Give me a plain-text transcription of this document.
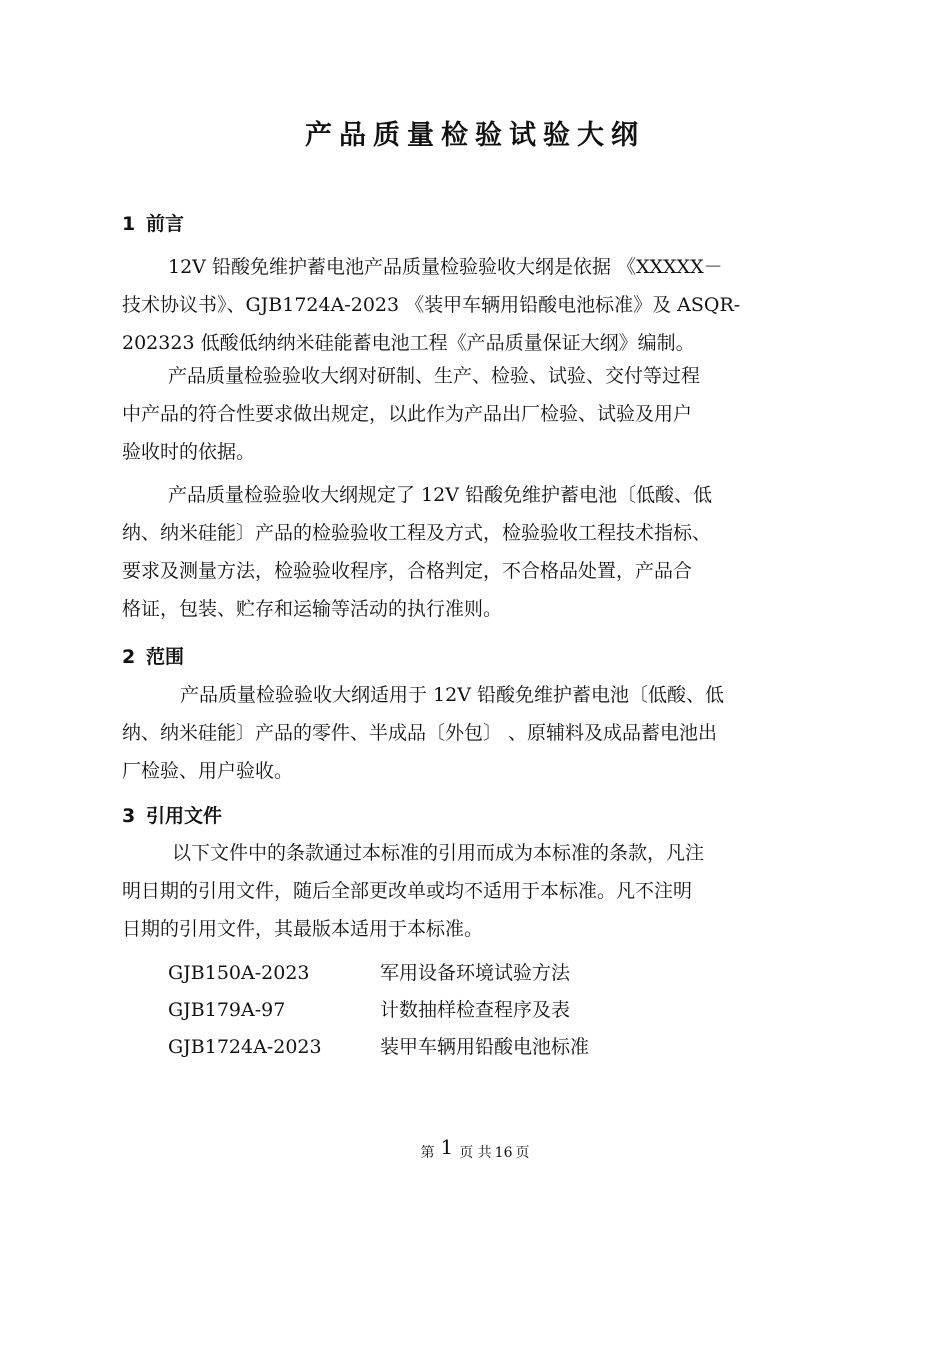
产品质量检验试验大纲
1 前言
12V 铅酸免维护蓄电池产品质量检验验收大纲是依据 《XXXXX－
技术协议书》、GJB1724A-2023 《装甲车辆用铅酸电池标准》及 ASQR-
202323 低酸低纳纳米硅能蓄电池工程《产品质量保证大纲》编制。
产品质量检验验收大纲对研制、生产、检验、试验、交付等过程
中产品的符合性要求做出规定，以此作为产品出厂检验、试验及用户
验收时的依据。
产品质量检验验收大纲规定了 12V 铅酸免维护蓄电池〔低酸、低
纳、纳米硅能〕产品的检验验收工程及方式，检验验收工程技术指标、
要求及测量方法，检验验收程序，合格判定，不合格品处置，产品合
格证，包装、贮存和运输等活动的执行准则。
2 范围
产品质量检验验收大纲适用于 12V 铅酸免维护蓄电池〔低酸、低
纳、纳米硅能〕产品的零件、半成品〔外包〕 、原辅料及成品蓄电池出
厂检验、用户验收。
3 引用文件
以下文件中的条款通过本标准的引用而成为本标准的条款，凡注
明日期的引用文件，随后全部更改单或均不适用于本标准。凡不注明
日期的引用文件，其最版本适用于本标准。
GJB150A-2023	军用设备环境试验方法
GJB179A-97	计数抽样检查程序及表
GJB1724A-2023	装甲车辆用铅酸电池标准
第 1 页 共 16 页
